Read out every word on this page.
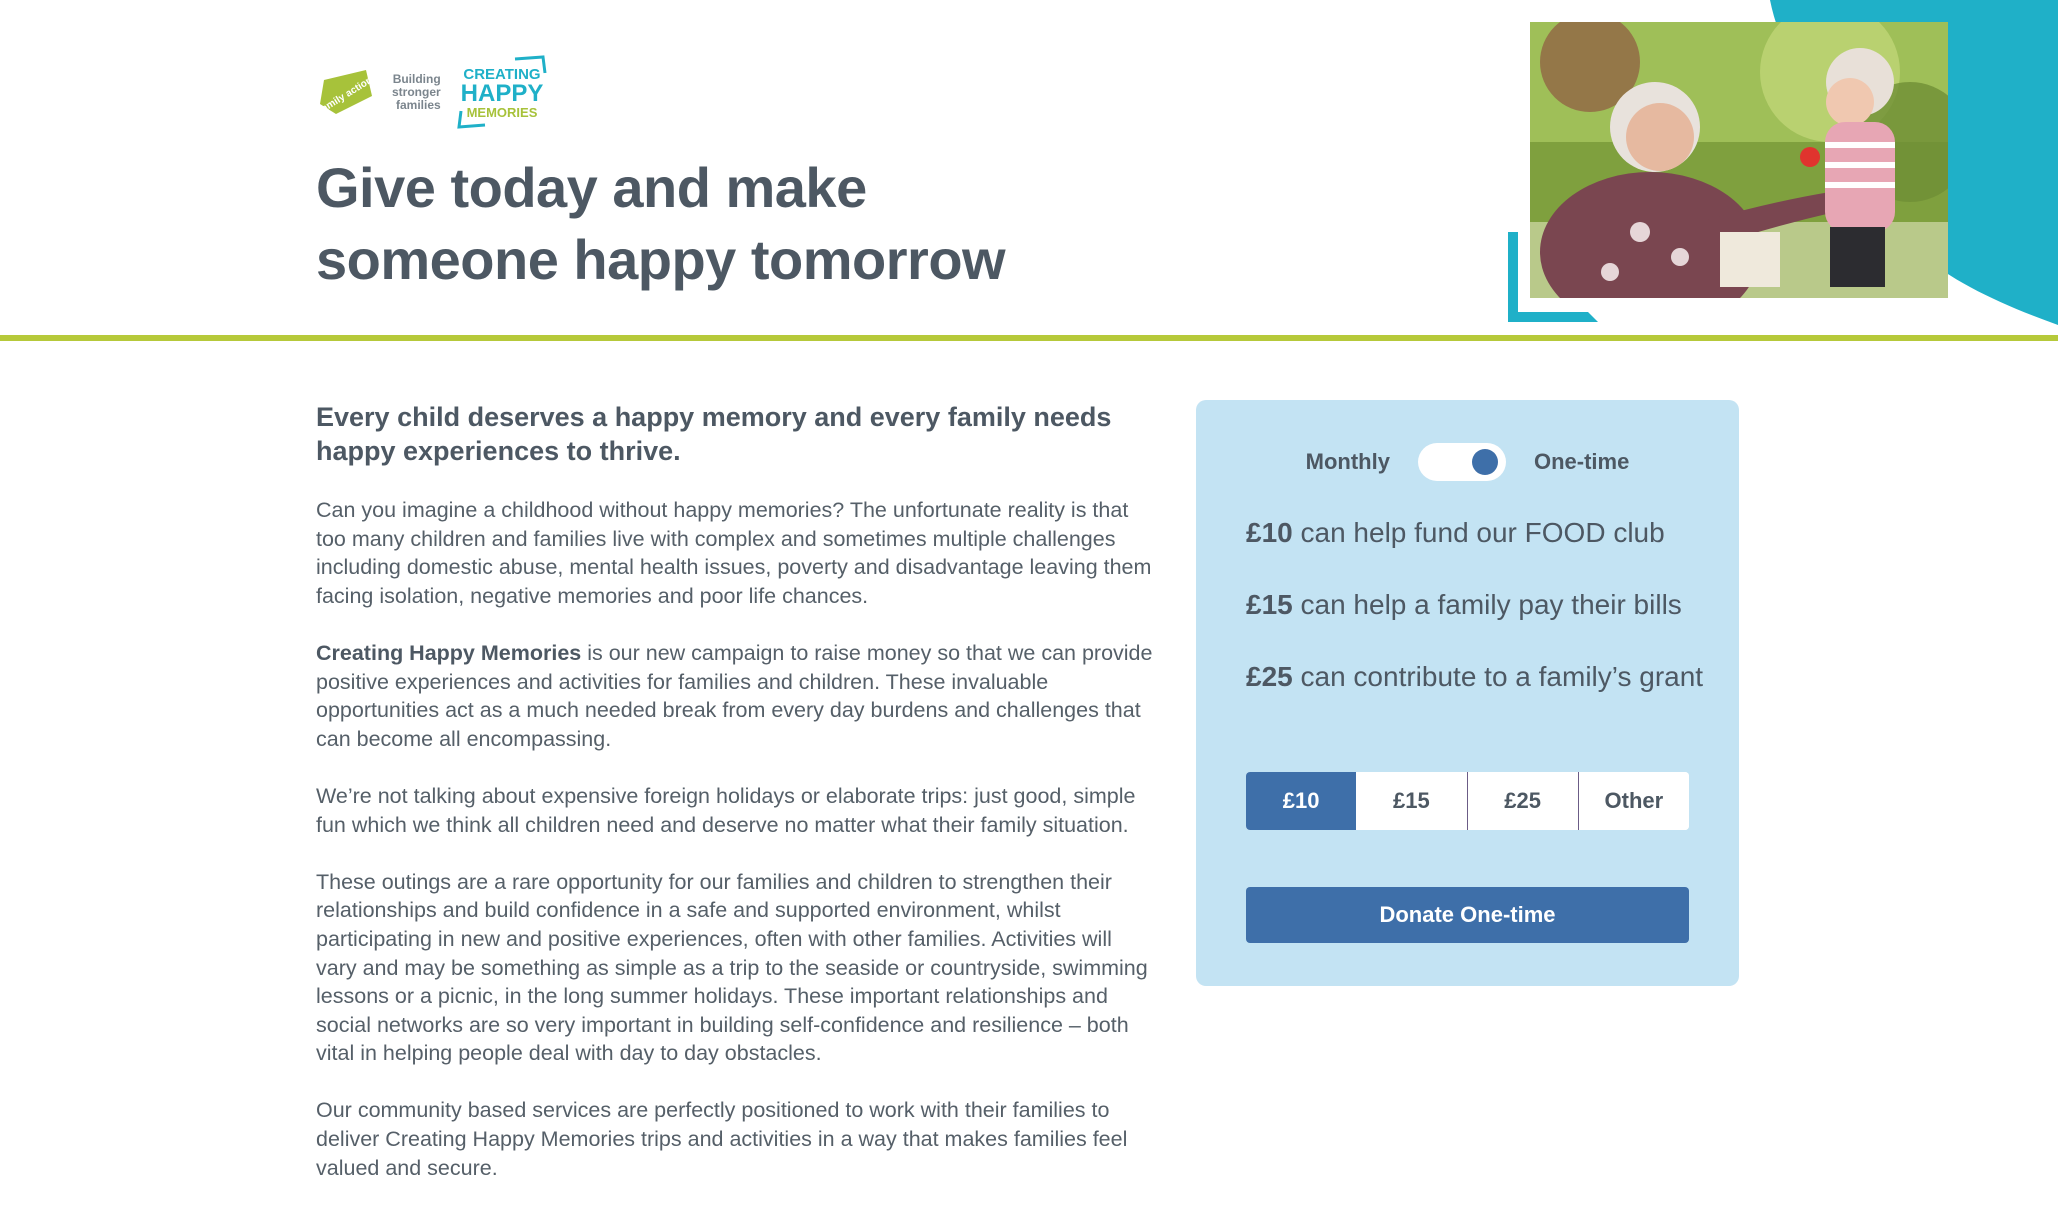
family action Building
stronger
families
CREATING
HAPPY
MEMORIES
Give today and make
someone happy tomorrow
Every child deserves a happy memory and every family needs happy experiences to thrive.

Can you imagine a childhood without happy memories? The unfortunate reality is that too many children and families live with complex and sometimes multiple challenges including domestic abuse, mental health issues, poverty and disadvantage leaving them facing isolation, negative memories and poor life chances.

Creating Happy Memories is our new campaign to raise money so that we can provide positive experiences and activities for families and children. These invaluable opportunities act as a much needed break from every day burdens and challenges that can become all encompassing.

We’re not talking about expensive foreign holidays or elaborate trips: just good, simple fun which we think all children need and deserve no matter what their family situation.

These outings are a rare opportunity for our families and children to strengthen their relationships and build confidence in a safe and supported environment, whilst participating in new and positive experiences, often with other families. Activities will vary and may be something as simple as a trip to the seaside or countryside, swimming lessons or a picnic, in the long summer holidays. These important relationships and social networks are so very important in building self-confidence and resilience – both vital in helping people deal with day to day obstacles.

Our community based services are perfectly positioned to work with their families to deliver Creating Happy Memories trips and activities in a way that makes families feel valued and secure.

Monthly	One-time

£10 can help fund our FOOD club

£15 can help a family pay their bills

£25 can contribute to a family’s grant

£10	£15	£25	Other
Donate One-time
